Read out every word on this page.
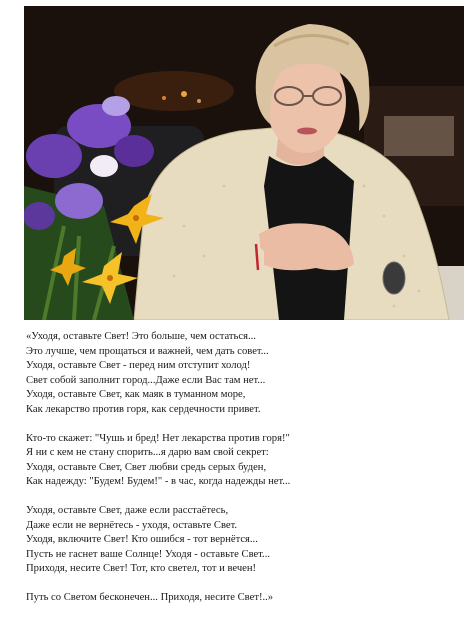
«Уходя, оставьте Свет! Это больше, чем остаться...
Это лучше, чем прощаться и важней, чем дать совет...
Уходя, оставьте Свет - перед ним отступит холод!
Свет собой заполнит город...Даже если Вас там нет...
Уходя, оставьте Свет, как маяк в туманном море,
Как лекарство против горя, как сердечности привет.
Кто-то скажет: "Чушь и бред! Нет лекарства против горя!"
Я ни с кем не стану спорить...я дарю вам свой секрет:
Уходя, оставьте Свет, Свет любви средь серых буден,
Как надежду: "Будем! Будем!" - в час, когда надежды нет...
Уходя, оставьте Свет, даже если расстаётесь,
Даже если не вернётесь - уходя, оставьте Свет.
Уходя, включите Свет! Кто ошибся - тот вернётся...
Пусть не гаснет ваше Солнце! Уходя - оставьте Свет...
Приходя, несите Свет! Тот, кто светел, тот и вечен!
Путь со Светом бесконечен... Приходя, несите Свет!..»
